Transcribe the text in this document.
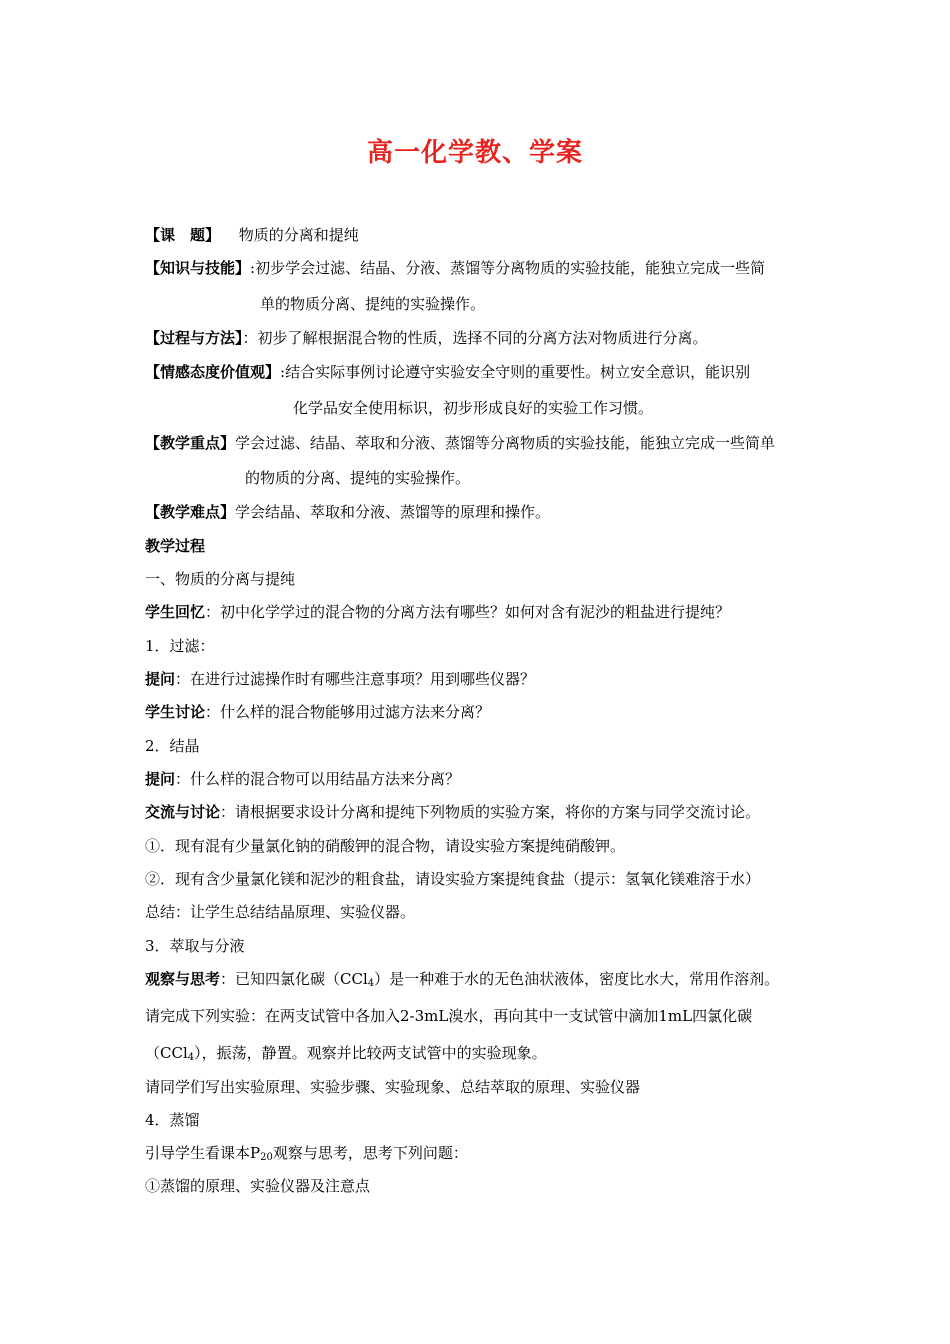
高一化学教、学案
【课　题】 物质的分离和提纯
【知识与技能】:初步学会过滤、结晶、分液、蒸馏等分离物质的实验技能，能独立完成一些简
单的物质分离、提纯的实验操作。
【过程与方法】：初步了解根据混合物的性质，选择不同的分离方法对物质进行分离。
【情感态度价值观】:结合实际事例讨论遵守实验安全守则的重要性。树立安全意识，能识别
化学品安全使用标识，初步形成良好的实验工作习惯。
【教学重点】学会过滤、结晶、萃取和分液、蒸馏等分离物质的实验技能，能独立完成一些简单
的物质的分离、提纯的实验操作。
【教学难点】学会结晶、萃取和分液、蒸馏等的原理和操作。
教学过程
一、物质的分离与提纯
学生回忆：初中化学学过的混合物的分离方法有哪些？如何对含有泥沙的粗盐进行提纯？
1．过滤：
提问：在进行过滤操作时有哪些注意事项？用到哪些仪器？
学生讨论：什么样的混合物能够用过滤方法来分离？
2．结晶
提问：什么样的混合物可以用结晶方法来分离？
交流与讨论：请根据要求设计分离和提纯下列物质的实验方案，将你的方案与同学交流讨论。
①．现有混有少量氯化钠的硝酸钾的混合物，请设实验方案提纯硝酸钾。
②．现有含少量氯化镁和泥沙的粗食盐，请设实验方案提纯食盐（提示：氢氧化镁难溶于水）
总结：让学生总结结晶原理、实验仪器。
3．萃取与分液
观察与思考：已知四氯化碳（CCl$_4$）是一种难于水的无色油状液体，密度比水大，常用作溶剂。
请完成下列实验：在两支试管中各加入2-3mL溴水，再向其中一支试管中滴加1mL四氯化碳
（CCl$_4$），振荡，静置。观察并比较两支试管中的实验现象。
请同学们写出实验原理、实验步骤、实验现象、总结萃取的原理、实验仪器
4．蒸馏
引导学生看课本$P_{20}$观察与思考，思考下列问题：
①蒸馏的原理、实验仪器及注意点
